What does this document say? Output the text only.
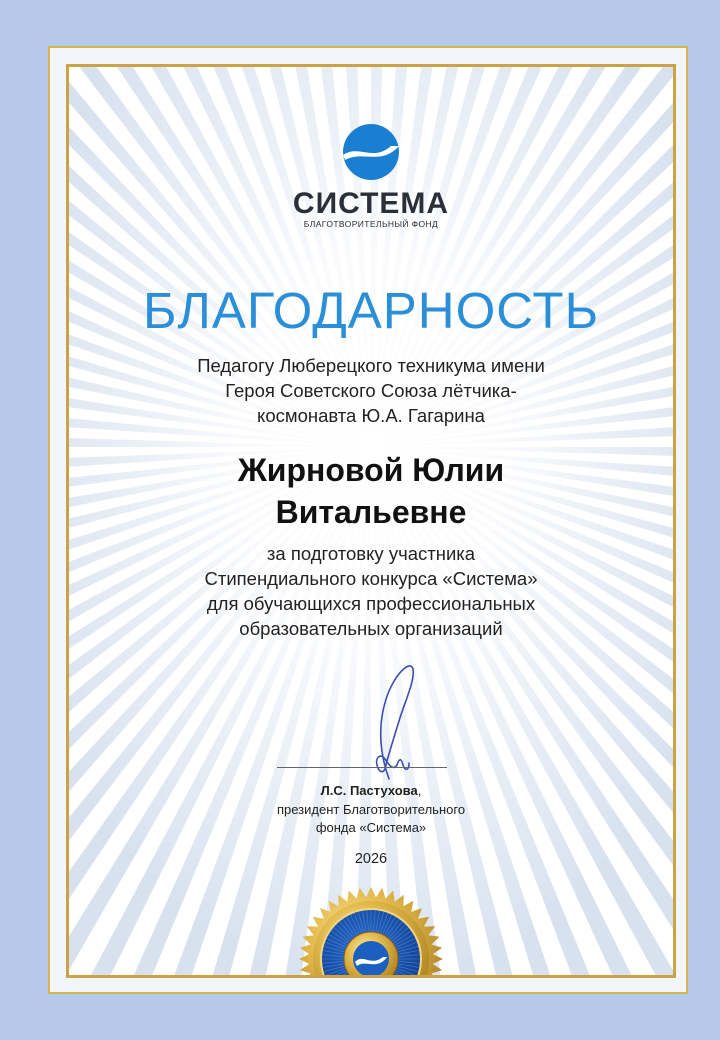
СИСТЕМА
БЛАГОТВОРИТЕЛЬНЫЙ ФОНД
БЛАГОДАРНОСТЬ
Педагогу Люберецкого техникума имени
Героя Советского Союза лётчика-
космонавта Ю.А. Гагарина
Жирновой Юлии
Витальевне
за подготовку участника
Стипендиального конкурса «Система»
для обучающихся профессиональных
образовательных организаций
Л.С. Пастухова,
президент Благотворительного
фонда «Система»
2026
